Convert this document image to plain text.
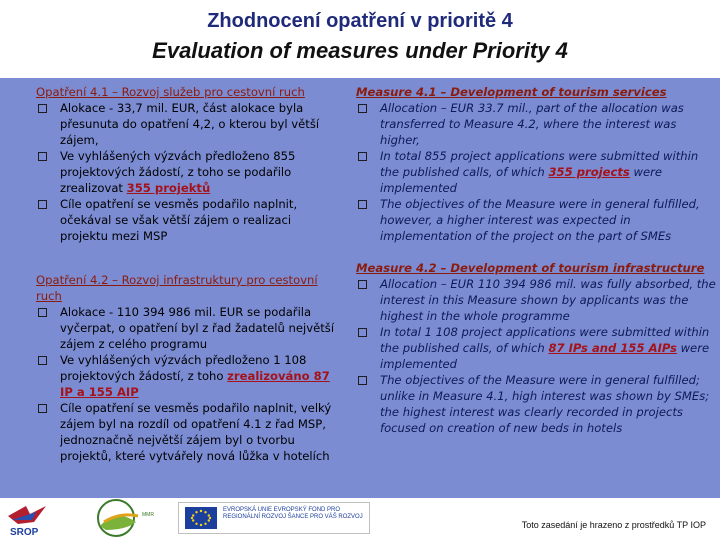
Zhodnocení opatření v prioritě 4
Evaluation of measures under Priority 4
Opatření 4.1 – Rozvoj služeb pro cestovní ruch
Alokace - 33,7 mil. EUR, část alokace byla přesunuta do opatření 4,2, o kterou byl větší zájem,
Ve vyhlášených výzvách předloženo 855 projektových žádostí, z toho se podařilo zrealizovat 355 projektů
Cíle opatření se vesměs podařilo naplnit, očekával se však větší zájem o realizaci projektu mezi MSP
Opatření 4.2 – Rozvoj infrastruktury pro cestovní ruch
Alokace - 110 394 986 mil. EUR se podařila vyčerpat, o opatření byl z řad žadatelů největší zájem z celého programu
Ve vyhlášených výzvách předloženo 1 108 projektových žádostí, z toho zrealizováno 87 IP a 155 AIP
Cíle opatření se vesměs podařilo naplnit, velký zájem byl na rozdíl od opatření 4.1 z řad MSP, jednoznačně největší zájem byl o tvorbu projektů, které vytvářely nová lůžka v hotelích
Measure 4.1 – Development of tourism services
Allocation – EUR 33.7 mil., part of the allocation was transferred to Measure 4.2, where the interest was higher,
In total 855 project applications were submitted within the published calls, of which 355 projects were implemented
The objectives of the Measure were in general fulfilled, however, a higher interest was expected in implementation of the project on the part of SMEs
Measure 4.2 – Development of tourism infrastructure
Allocation – EUR 110 394 986 mil. was fully absorbed, the interest in this Measure shown by applicants was the highest in the whole programme
In total 1 108 project applications were submitted within the published calls, of which 87 IPs and 155 AIPs were implemented
The objectives of the Measure were in general fulfilled; unlike in Measure 4.1, high interest was shown by SMEs; the highest interest was clearly recorded in projects focused on creation of new beds in hotels
Toto zasedání je hrazeno z prostředků TP IOP
SROP
MMR
EVROPSKÁ UNIE EVROPSKÝ FOND PRO REGIONÁLNÍ ROZVOJ ŠANCE PRO VÁŠ ROZVOJ
